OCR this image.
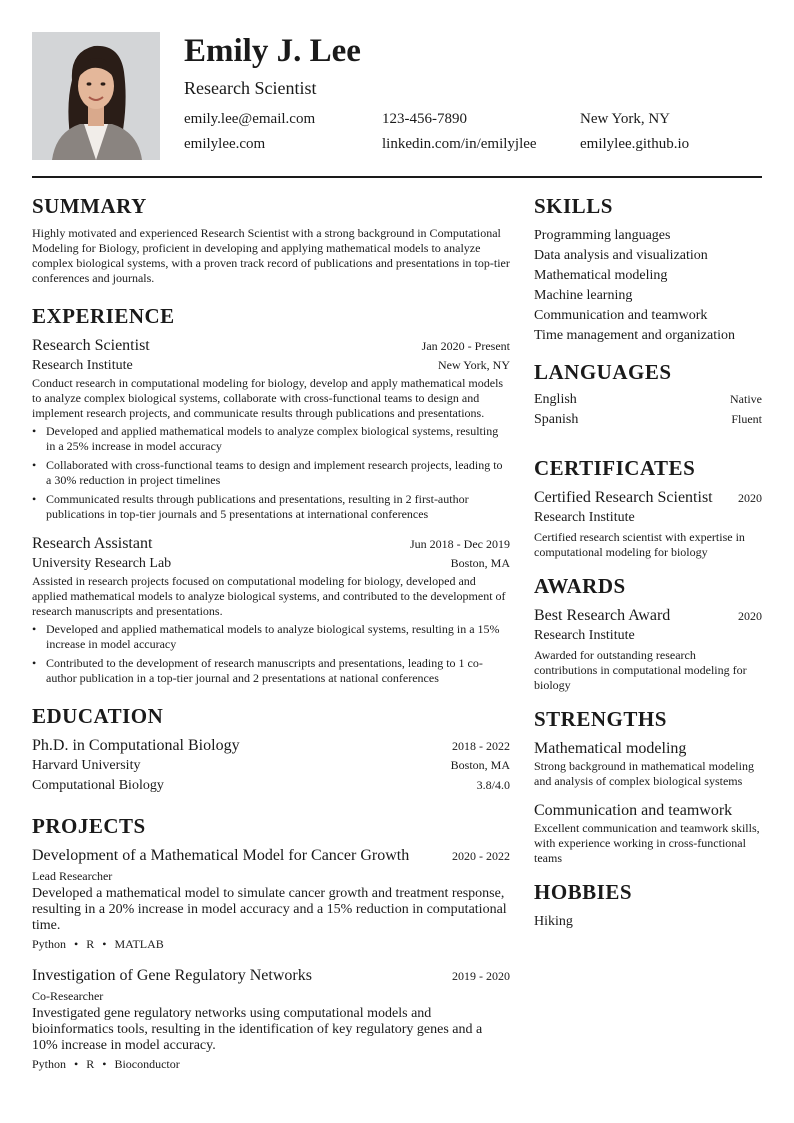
Emily J. Lee
Research Scientist
emily.lee@email.com	123-456-7890	New York, NY
emilylee.com	linkedin.com/in/emilyjlee	emilylee.github.io
SUMMARY

Highly motivated and experienced Research Scientist with a strong background in Computational Modeling for Biology, proficient in developing and applying mathematical models to analyze complex biological systems, with a proven track record of publications and presentations in top-tier conferences and journals.

EXPERIENCE
Research Scientist	Jan 2020 - Present
Research Institute	New York, NY

Conduct research in computational modeling for biology, develop and apply mathematical models to analyze complex biological systems, collaborate with cross-functional teams to design and implement research projects, and communicate results through publications and presentations.

• Developed and applied mathematical models to analyze complex biological systems, resulting in a 25% increase in model accuracy
• Collaborated with cross-functional teams to design and implement research projects, leading to a 30% reduction in project timelines
• Communicated results through publications and presentations, resulting in 2 first-author publications in top-tier journals and 5 presentations at international conferences
Research Assistant	Jun 2018 - Dec 2019
University Research Lab	Boston, MA

Assisted in research projects focused on computational modeling for biology, developed and applied mathematical models to analyze biological systems, and contributed to the development of research manuscripts and presentations.

• Developed and applied mathematical models to analyze biological systems, resulting in a 15% increase in model accuracy
• Contributed to the development of research manuscripts and presentations, leading to 1 co-author publication in a top-tier journal and 2 presentations at national conferences
EDUCATION
Ph.D. in Computational Biology	2018 - 2022
Harvard University	Boston, MA
Computational Biology	3.8/4.0
PROJECTS
Development of a Mathematical Model for Cancer Growth	2020 - 2022
Lead Researcher

Developed a mathematical model to simulate cancer growth and treatment response, resulting in a 20% increase in model accuracy and a 15% reduction in computational time.

Python • R • MATLAB
Investigation of Gene Regulatory Networks	2019 - 2020
Co-Researcher

Investigated gene regulatory networks using computational models and bioinformatics tools, resulting in the identification of key regulatory genes and a 10% increase in model accuracy.

Python • R • Bioconductor
SKILLS
Programming languages
Data analysis and visualization
Mathematical modeling
Machine learning
Communication and teamwork
Time management and organization
LANGUAGES
English	Native
Spanish	Fluent
CERTIFICATES
Certified Research Scientist 2020
Research Institute

Certified research scientist with expertise in computational modeling for biology

AWARDS
Best Research Award	2020
Research Institute

Awarded for outstanding research contributions in computational modeling for biology

STRENGTHS
Mathematical modeling

Strong background in mathematical modeling and analysis of complex biological systems

Communication and teamwork

Excellent communication and teamwork skills, with experience working in cross-functional teams

HOBBIES
Hiking
